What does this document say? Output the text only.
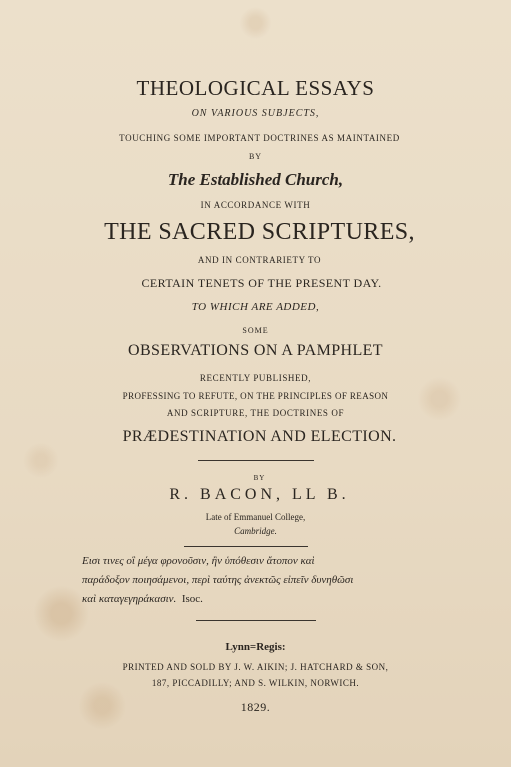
THEOLOGICAL ESSAYS
ON VARIOUS SUBJECTS,
TOUCHING SOME IMPORTANT DOCTRINES AS MAINTAINED
BY
The Established Church,
IN ACCORDANCE WITH
THE SACRED SCRIPTURES,
AND IN CONTRARIETY TO
CERTAIN TENETS OF THE PRESENT DAY.
TO WHICH ARE ADDED,
SOME
OBSERVATIONS ON A PAMPHLET
RECENTLY PUBLISHED,
PROFESSING TO REFUTE, ON THE PRINCIPLES OF REASON
AND SCRIPTURE, THE DOCTRINES OF
PRÆDESTINATION AND ELECTION.
BY
R. BACON, LL B.
Late of Emmanuel College,
Cambridge.
Εισι τινες οἳ μέγα φρονοῦσιν, ἢν ὑπόθεσιν ἄτοπον καὶ
παράδοξον ποιησάμενοι, περὶ ταύτης ἀνεκτῶς εἰπεῖν δυνηθῶσι
καὶ καταγεγηράκασιν. Isoc.
Lynn=Regis:
PRINTED AND SOLD BY J. W. AIKIN; J. HATCHARD & SON,
187, PICCADILLY; AND S. WILKIN, NORWICH.
1829.
